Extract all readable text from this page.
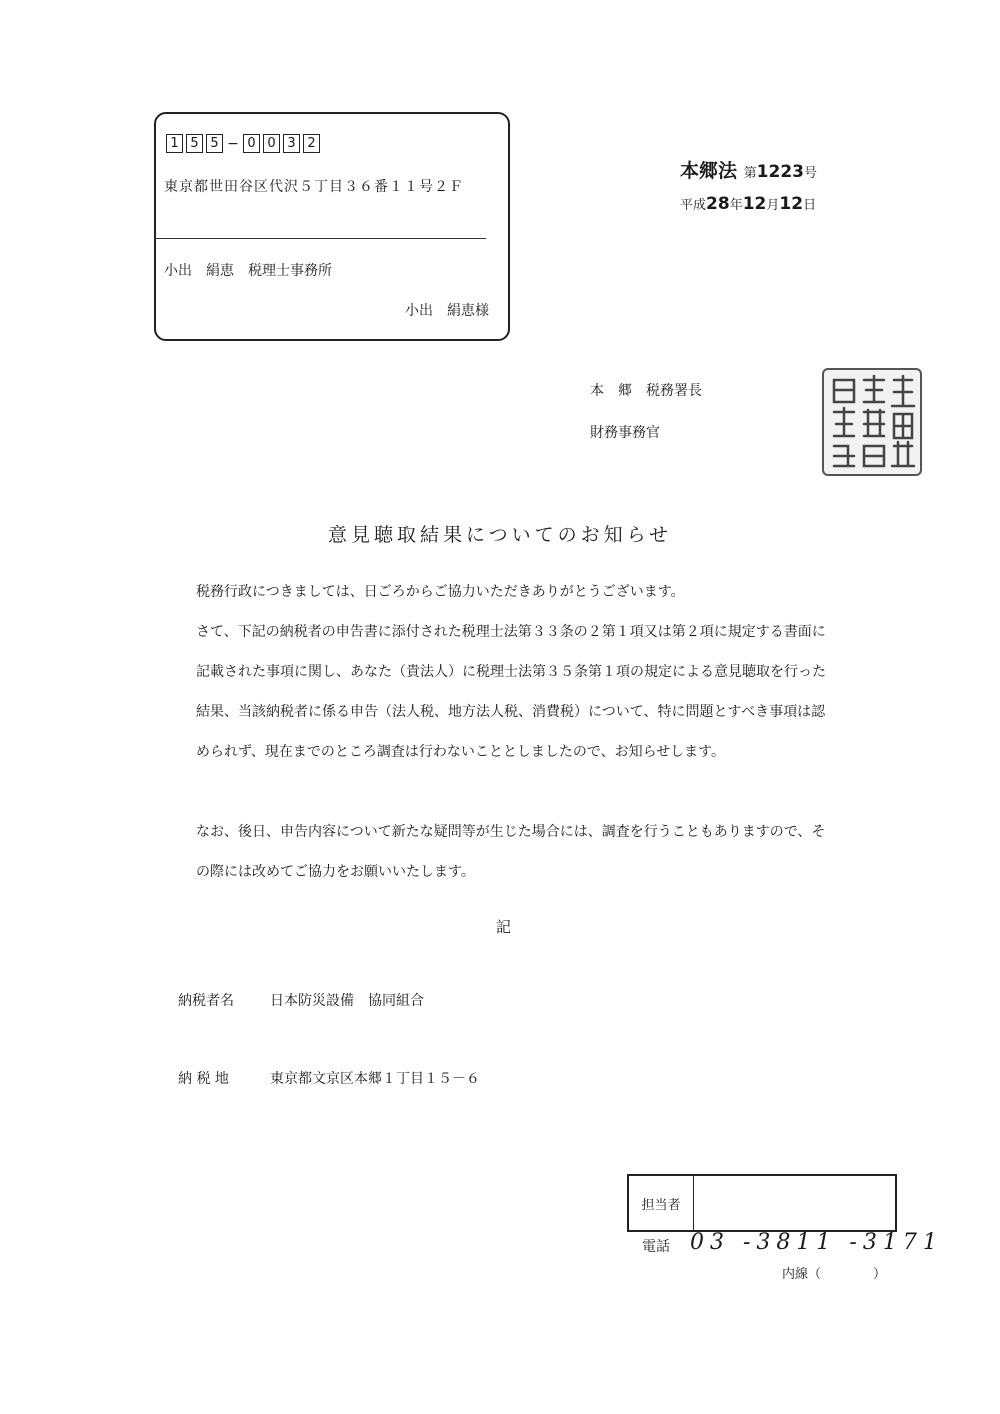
1 5 5 − 0 0 3 2
東京都世田谷区代沢５丁目３６番１１号２Ｆ
小出　絹恵　税理士事務所
小出　絹恵様
本郷法 第1223号
平成28年12月12日
本　郷　税務署長
財務事務官
意見聴取結果についてのお知らせ
税務行政につきましては、日ごろからご協力いただきありがとうございます。
さて、下記の納税者の申告書に添付された税理士法第３３条の２第１項又は第２項に規定する書面に記載された事項に関し、あなた（貴法人）に税理士法第３５条第１項の規定による意見聴取を行った結果、当該納税者に係る申告（法人税、地方法人税、消費税）について、特に問題とすべき事項は認められず、現在までのところ調査は行わないこととしましたので、お知らせします。
なお、後日、申告内容について新たな疑問等が生じた場合には、調査を行うこともありますので、その際には改めてご協力をお願いいたします。
記
納税者名	日本防災設備　協同組合
納 税 地	東京都文京区本郷１丁目１５－６
担当者
電話 03 -3811 -3171
内線（　　　　）
